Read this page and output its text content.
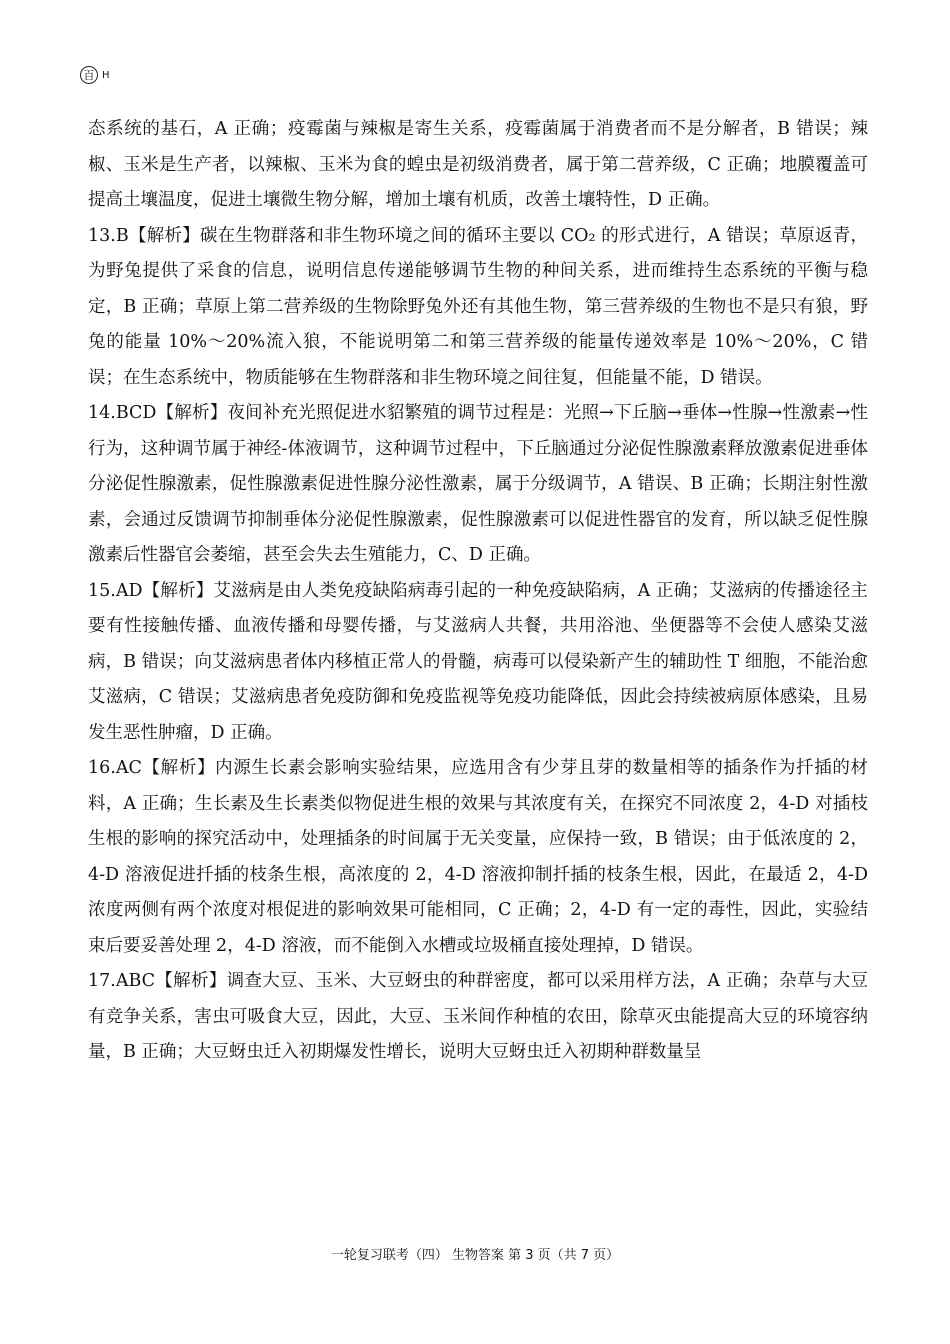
百 H

态系统的基石，A 正确；疫霉菌与辣椒是寄生关系，疫霉菌属于消费者而不是分解者，B 错误；辣椒、玉米是生产者，以辣椒、玉米为食的蝗虫是初级消费者，属于第二营养级，C 正确；地膜覆盖可提高土壤温度，促进土壤微生物分解，增加土壤有机质，改善土壤特性，D 正确。

13.B【解析】碳在生物群落和非生物环境之间的循环主要以 CO₂ 的形式进行，A 错误；草原返青，为野兔提供了采食的信息，说明信息传递能够调节生物的种间关系，进而维持生态系统的平衡与稳定，B 正确；草原上第二营养级的生物除野兔外还有其他生物，第三营养级的生物也不是只有狼，野兔的能量 10%～20%流入狼，不能说明第二和第三营养级的能量传递效率是 10%～20%，C 错误；在生态系统中，物质能够在生物群落和非生物环境之间往复，但能量不能，D 错误。

14.BCD【解析】夜间补充光照促进水貂繁殖的调节过程是：光照→下丘脑→垂体→性腺→性激素→性行为，这种调节属于神经-体液调节，这种调节过程中，下丘脑通过分泌促性腺激素释放激素促进垂体分泌促性腺激素，促性腺激素促进性腺分泌性激素，属于分级调节，A 错误、B 正确；长期注射性激素，会通过反馈调节抑制垂体分泌促性腺激素，促性腺激素可以促进性器官的发育，所以缺乏促性腺激素后性器官会萎缩，甚至会失去生殖能力，C、D 正确。

15.AD【解析】艾滋病是由人类免疫缺陷病毒引起的一种免疫缺陷病，A 正确；艾滋病的传播途径主要有性接触传播、血液传播和母婴传播，与艾滋病人共餐，共用浴池、坐便器等不会使人感染艾滋病，B 错误；向艾滋病患者体内移植正常人的骨髓，病毒可以侵染新产生的辅助性 T 细胞，不能治愈艾滋病，C 错误；艾滋病患者免疫防御和免疫监视等免疫功能降低，因此会持续被病原体感染，且易发生恶性肿瘤，D 正确。

16.AC【解析】内源生长素会影响实验结果，应选用含有少芽且芽的数量相等的插条作为扦插的材料，A 正确；生长素及生长素类似物促进生根的效果与其浓度有关，在探究不同浓度 2，4-D 对插枝生根的影响的探究活动中，处理插条的时间属于无关变量，应保持一致，B 错误；由于低浓度的 2，4-D 溶液促进扦插的枝条生根，高浓度的 2，4-D 溶液抑制扦插的枝条生根，因此，在最适 2，4-D 浓度两侧有两个浓度对根促进的影响效果可能相同，C 正确；2，4-D 有一定的毒性，因此，实验结束后要妥善处理 2，4-D 溶液，而不能倒入水槽或垃圾桶直接处理掉，D 错误。

17.ABC【解析】调查大豆、玉米、大豆蚜虫的种群密度，都可以采用样方法，A 正确；杂草与大豆有竞争关系，害虫可吸食大豆，因此，大豆、玉米间作种植的农田，除草灭虫能提高大豆的环境容纳量，B 正确；大豆蚜虫迁入初期爆发性增长，说明大豆蚜虫迁入初期种群数量呈

一轮复习联考（四） 生物答案 第 3 页（共 7 页）
